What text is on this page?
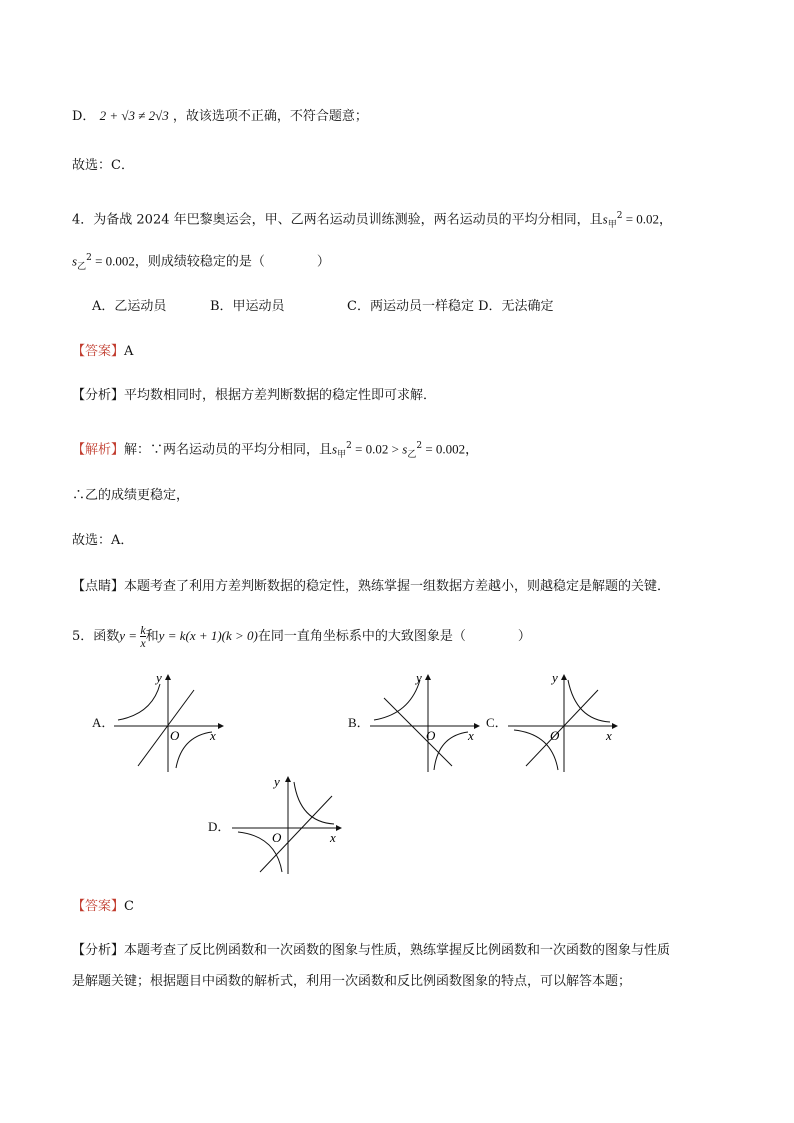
D． 2 + √3 ≠ 2√3 ，故该选项不正确，不符合题意；
故选：C．
4．为备战 2024 年巴黎奥运会，甲、乙两名运动员训练测验，两名运动员的平均分相同，且$s_甲^2 = 0.02$，
$s_乙^2 = 0.002$，则成绩较稳定的是（　　　　）
A．乙运动员	B．甲运动员	C．两运动员一样稳定 D．无法确定
【答案】A
【分析】平均数相同时，根据方差判断数据的稳定性即可求解．
【解析】解：∵两名运动员的平均分相同，且$s_甲^2 = 0.02 > s_乙^2 = 0.002$，
∴乙的成绩更稳定，
故选：A．
【点睛】本题考查了利用方差判断数据的稳定性，熟练掌握一组数据方差越小，则越稳定是解题的关键．
5．函数$y = \frac{k}{x}$ 和y = k(x + 1)(k > 0)在同一直角坐标系中的大致图象是（　　　　）
A．
x
y
O
B．
x
y
O
C．
x
y
O
D．
x
y
O
【答案】C
【分析】本题考查了反比例函数和一次函数的图象与性质，熟练掌握反比例函数和一次函数的图象与性质
是解题关键；根据题目中函数的解析式，利用一次函数和反比例函数图象的特点，可以解答本题；
